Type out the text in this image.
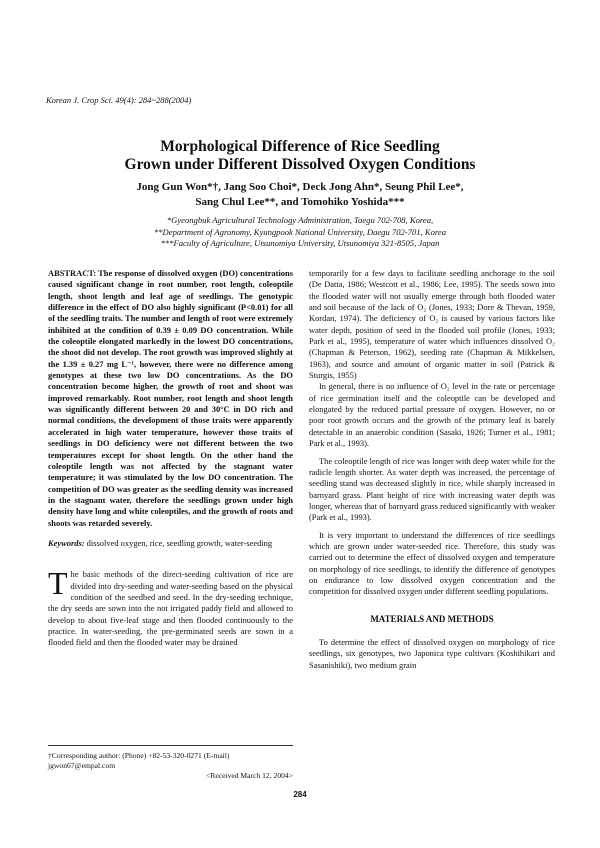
Korean J. Crop Sci. 49(4): 284~288(2004)
Morphological Difference of Rice Seedling
Grown under Different Dissolved Oxygen Conditions
Jong Gun Won*†, Jang Soo Choi*, Deck Jong Ahn*, Seung Phil Lee*,
Sang Chul Lee**, and Tomohiko Yoshida***
*Gyeongbuk Agricultural Technology Administration, Taegu 702-708, Korea,
**Department of Agronomy, Kyungpook National University, Daegu 702-701, Korea
***Faculty of Agriculture, Utsunomiya University, Utsunomiya 321-8505, Japan

ABSTRACT: The response of dissolved oxygen (DO) concentrations caused significant change in root number, root length, coleoptile length, shoot length and leaf age of seedlings. The genotypic difference in the effect of DO also highly significant (P<0.01) for all of the seedling traits. The number and length of root were extremely inhibited at the condition of 0.39 ± 0.09 DO concentration. While the coleoptile elongated markedly in the lowest DO concentrations, the shoot did not develop. The root growth was improved slightly at the 1.39 ± 0.27 mg L⁻¹, however, there were no difference among genotypes at these two low DO concentrations. As the DO concentration become higher, the growth of root and shoot was improved remarkably. Root number, root length and shoot length was significantly different between 20 and 30°C in DO rich and normal conditions, the development of those traits were apparently accelerated in high water temperature, however those traits of seedlings in DO deficiency were not different between the two temperatures except for shoot length. On the other hand the coleoptile length was not affected by the stagnant water temperature; it was stimulated by the low DO concentration. The competition of DO was greater as the seedling density was increased in the stagnant water, therefore the seedlings grown under high density have long and white coleoptiles, and the growth of roots and shoots was retarded severely.

Keywords: dissolved oxygen, rice, seedling growth, water-seeding

The basic methods of the direct-seeding cultivation of rice are divided into dry-seeding and water-seeding based on the physical condition of the seedbed and seed. In the dry-seeding technique, the dry seeds are sown into the not irrigated paddy field and allowed to develop to about five-leaf stage and then flooded continuously to the practice. In water-seeding, the pre-germinated seeds are sown in a flooded field and then the flooded water may be drained

temporarily for a few days to facilitate seedling anchorage to the soil (De Datta, 1986; Westcott et al., 1986; Lee, 1995). The seeds sown into the flooded water will not usually emerge through both flooded water and soil because of the lack of O₂ (Jones, 1933; Dore & Thevan, 1959, Kordan, 1974). The deficiency of O₂ is caused by various factors like water depth, position of seed in the flooded soil profile (Jones, 1933; Park et al., 1995), temperature of water which influences dissolved O₂ (Chapman & Peterson, 1962), seeding rate (Chapman & Mikkelsen, 1963), and source and amount of organic matter in soil (Patrick & Sturgis, 1955)

In general, there is no influence of O₂ level in the rate or percentage of rice germination itself and the coleoptile can be developed and elongated by the reduced partial pressure of oxygen. However, no or poor root growth occurs and the growth of the primary leaf is barely detectable in an anaerobic condition (Sasaki, 1926; Turner et al., 1981; Park et al., 1993).

The coleoptile length of rice was longer with deep water while for the radicle length shorter. As water depth was increased, the percentage of seedling stand was decreased slightly in rice, while sharply increased in barnyard grass. Plant height of rice with increasing water depth was longer, whereas that of barnyard grass reduced significantly with weaker (Park et al., 1993).

It is very important to understand the differences of rice seedlings which are grown under water-seeded rice. Therefore, this study was carried out to determine the effect of dissolved oxygen and temperature on morphology of rice seedlings, to identify the difference of genotypes on endurance to low dissolved oxygen concentration and the competition for dissolved oxygen under different seedling populations.

MATERIALS AND METHODS

To determine the effect of dissolved oxygen on morphology of rice seedlings, six genotypes, two Japonica type cultivars (Koshihikari and Sasanishiki), two medium grain

†Corresponding author: (Phone) +82-53-320-0271 (E-mail) jgwon67@empal.com
<Received March 12, 2004>
284
